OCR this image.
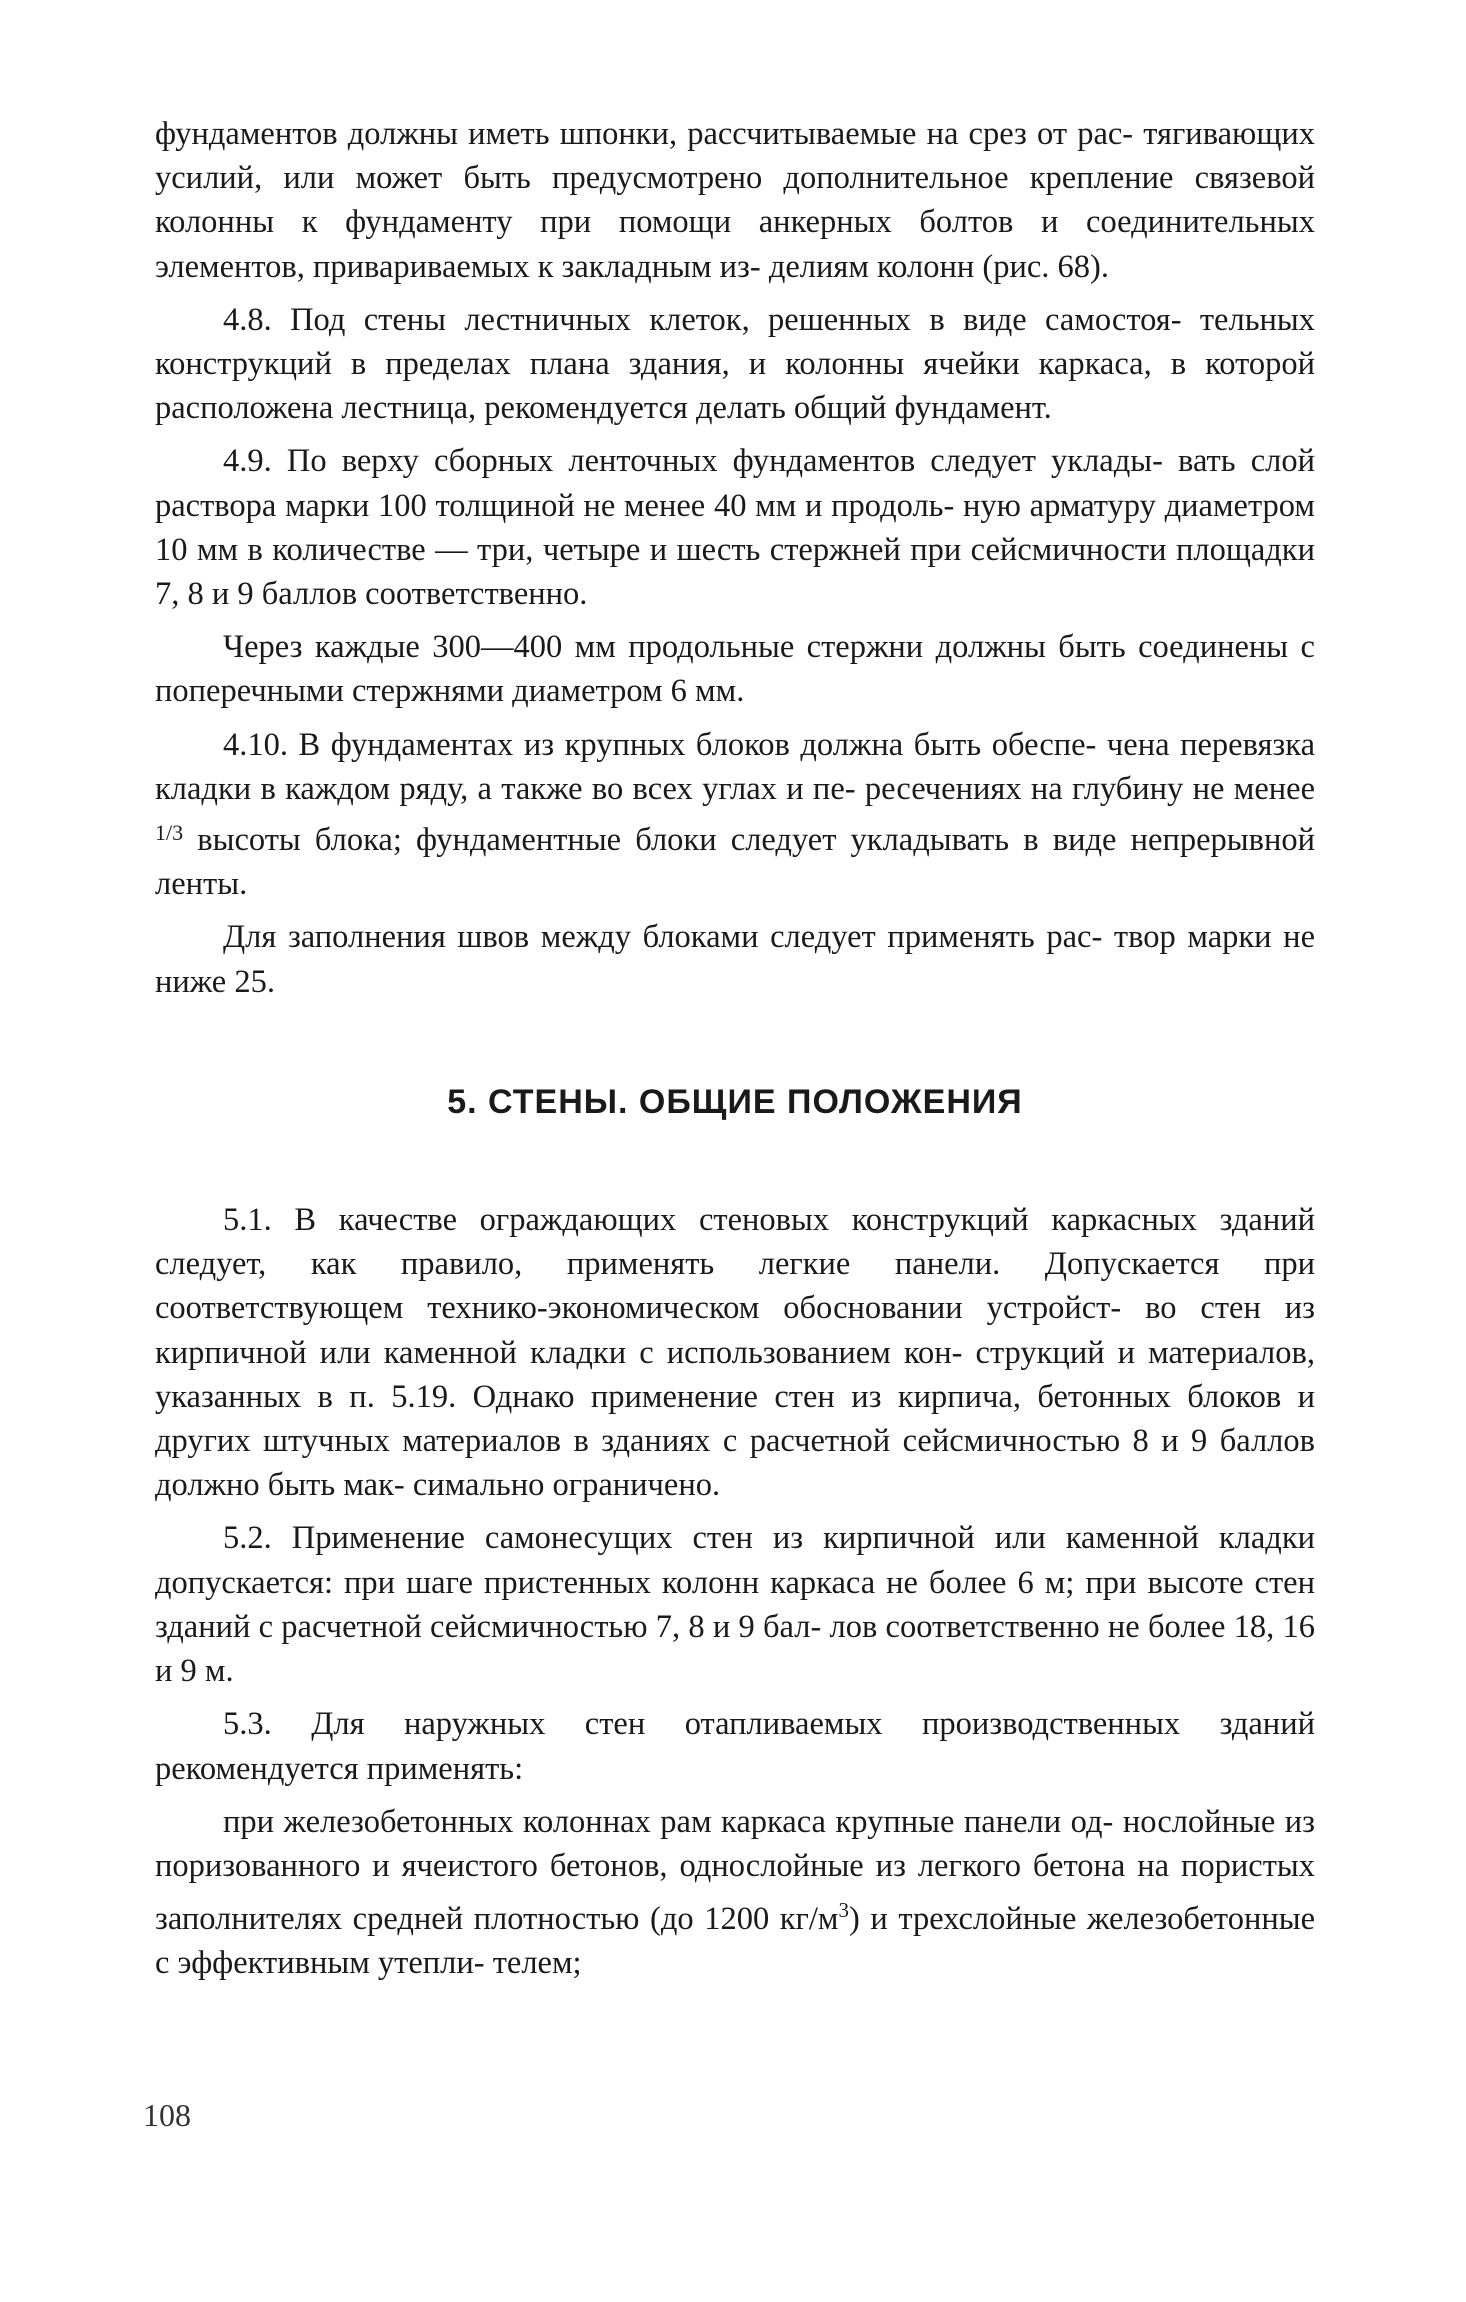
фундаментов должны иметь шпонки, рассчитываемые на срез от рас- тягивающих усилий, или может быть предусмотрено дополнительное крепление связевой колонны к фундаменту при помощи анкерных болтов и соединительных элементов, привариваемых к закладным из- делиям колонн (рис. 68).

4.8. Под стены лестничных клеток, решенных в виде самостоя- тельных конструкций в пределах плана здания, и колонны ячейки каркаса, в которой расположена лестница, рекомендуется делать общий фундамент.

4.9. По верху сборных ленточных фундаментов следует уклады- вать слой раствора марки 100 толщиной не менее 40 мм и продоль- ную арматуру диаметром 10 мм в количестве — три, четыре и шесть стержней при сейсмичности площадки 7, 8 и 9 баллов соответственно.

Через каждые 300—400 мм продольные стержни должны быть соединены с поперечными стержнями диаметром 6 мм.

4.10. В фундаментах из крупных блоков должна быть обеспе- чена перевязка кладки в каждом ряду, а также во всех углах и пе- ресечениях на глубину не менее $^{1/3}$ высоты блока; фундаментные блоки следует укладывать в виде непрерывной ленты.

Для заполнения швов между блоками следует применять рас- твор марки не ниже 25.

5. СТЕНЫ. ОБЩИЕ ПОЛОЖЕНИЯ

5.1. В качестве ограждающих стеновых конструкций каркасных зданий следует, как правило, применять легкие панели. Допускается при соответствующем технико-экономическом обосновании устройст- во стен из кирпичной или каменной кладки с использованием кон- струкций и материалов, указанных в п. 5.19. Однако применение стен из кирпича, бетонных блоков и других штучных материалов в зданиях с расчетной сейсмичностью 8 и 9 баллов должно быть мак- симально ограничено.

5.2. Применение самонесущих стен из кирпичной или каменной кладки допускается: при шаге пристенных колонн каркаса не более 6 м; при высоте стен зданий с расчетной сейсмичностью 7, 8 и 9 бал- лов соответственно не более 18, 16 и 9 м.

5.3. Для наружных стен отапливаемых производственных зданий рекомендуется применять:

при железобетонных колоннах рам каркаса крупные панели од- нослойные из поризованного и ячеистого бетонов, однослойные из легкого бетона на пористых заполнителях средней плотностью (до 1200 $кг/м^3$) и трехслойные железобетонные с эффективным утепли- телем;

108
